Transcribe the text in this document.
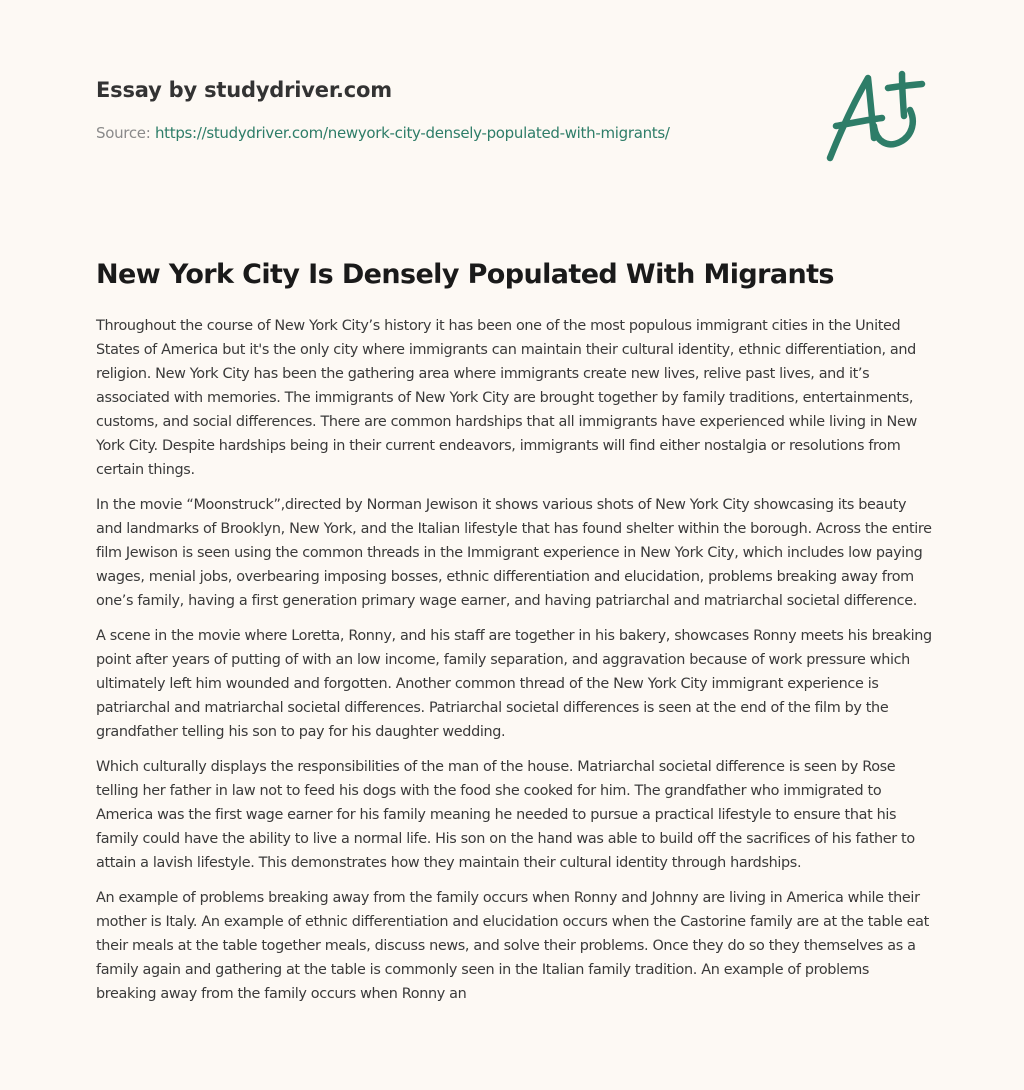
Essay by studydriver.com
Source: https://studydriver.com/newyork-city-densely-populated-with-migrants/
New York City Is Densely Populated With Migrants

Throughout the course of New York City’s history it has been one of the most populous immigrant cities in the United States of America but it's the only city where immigrants can maintain their cultural identity, ethnic differentiation, and religion. New York City has been the gathering area where immigrants create new lives, relive past lives, and it’s associated with memories. The immigrants of New York City are brought together by family traditions, entertainments, customs, and social differences. There are common hardships that all immigrants have experienced while living in New York City. Despite hardships being in their current endeavors, immigrants will find either nostalgia or resolutions from certain things.

In the movie “Moonstruck”,directed by Norman Jewison it shows various shots of New York City showcasing its beauty and landmarks of Brooklyn, New York, and the Italian lifestyle that has found shelter within the borough. Across the entire film Jewison is seen using the common threads in the Immigrant experience in New York City, which includes low paying wages, menial jobs, overbearing imposing bosses, ethnic differentiation and elucidation, problems breaking away from one’s family, having a first generation primary wage earner, and having patriarchal and matriarchal societal difference.

A scene in the movie where Loretta, Ronny, and his staff are together in his bakery, showcases Ronny meets his breaking point after years of putting of with an low income, family separation, and aggravation because of work pressure which ultimately left him wounded and forgotten. Another common thread of the New York City immigrant experience is patriarchal and matriarchal societal differences. Patriarchal societal differences is seen at the end of the film by the grandfather telling his son to pay for his daughter wedding.

Which culturally displays the responsibilities of the man of the house. Matriarchal societal difference is seen by Rose telling her father in law not to feed his dogs with the food she cooked for him. The grandfather who immigrated to America was the first wage earner for his family meaning he needed to pursue a practical lifestyle to ensure that his family could have the ability to live a normal life. His son on the hand was able to build off the sacrifices of his father to attain a lavish lifestyle. This demonstrates how they maintain their cultural identity through hardships.

An example of problems breaking away from the family occurs when Ronny and Johnny are living in America while their mother is Italy. An example of ethnic differentiation and elucidation occurs when the Castorine family are at the table eat their meals at the table together meals, discuss news, and solve their problems. Once they do so they themselves as a family again and gathering at the table is commonly seen in the Italian family tradition. An example of problems breaking away from the family occurs when Ronny an
